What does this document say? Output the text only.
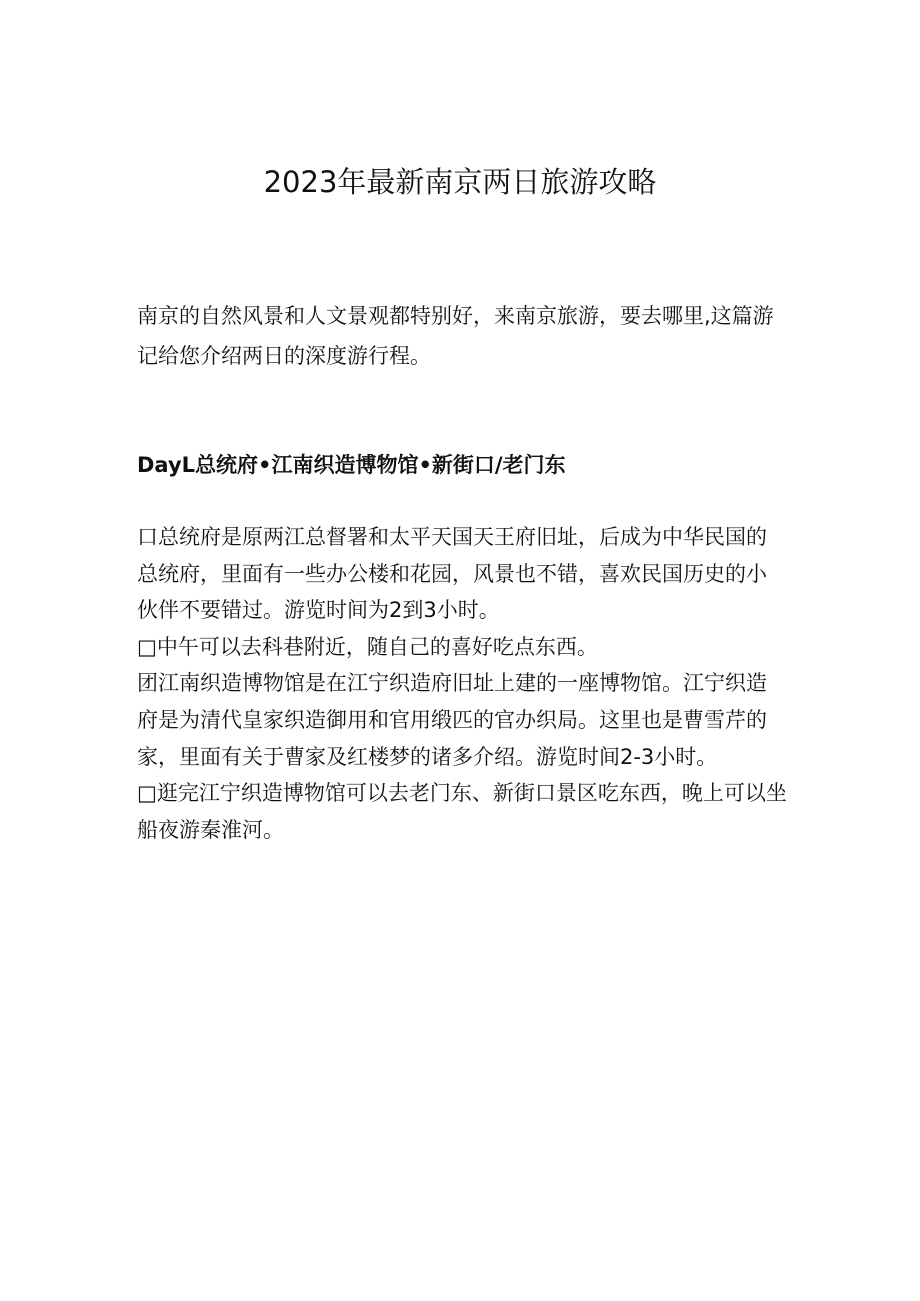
2023年最新南京两日旅游攻略

南京的自然风景和人文景观都特别好，来南京旅游，要去哪里,这篇游记给您介绍两日的深度游行程。

DayL总统府•江南织造博物馆•新街口/老门东

口总统府是原两江总督署和太平天国天王府旧址，后成为中华民国的总统府，里面有一些办公楼和花园，风景也不错，喜欢民国历史的小伙伴不要错过。游览时间为2到3小时。

□中午可以去科巷附近，随自己的喜好吃点东西。

团江南织造博物馆是在江宁织造府旧址上建的一座博物馆。江宁织造府是为清代皇家织造御用和官用缎匹的官办织局。这里也是曹雪芹的家，里面有关于曹家及红楼梦的诸多介绍。游览时间2-3小时。

□逛完江宁织造博物馆可以去老门东、新街口景区吃东西，晚上可以坐船夜游秦淮河。
